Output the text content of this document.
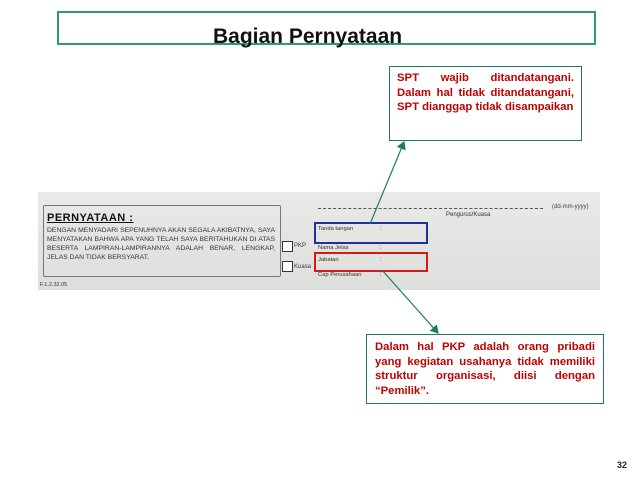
Bagian Pernyataan
SPT wajib ditandatangani. Dalam hal tidak ditandatangani, SPT dianggap tidak disampaikan
PERNYATAAN :
DENGAN MENYADARI SEPENUHNYA AKAN SEGALA AKIBATNYA, SAYA MENYATAKAN BAHWA APA YANG TELAH SAYA BERITAHUKAN DI ATAS BESERTA LAMPIRAN-LAMPIRANNYA ADALAH BENAR, LENGKAP, JELAS DAN TIDAK BERSYARAT.
F.1.2.32.05
PKP
Kuasa
(dd-mm-yyyy)
Pengurus/Kuasa
Tanda tangan	:
Nama Jelas	:
Jabatan	:
Cap Perusahaan	:
Dalam hal PKP adalah orang pribadi yang kegiatan usahanya tidak memiliki struktur organisasi, diisi dengan “Pemilik”.
32
